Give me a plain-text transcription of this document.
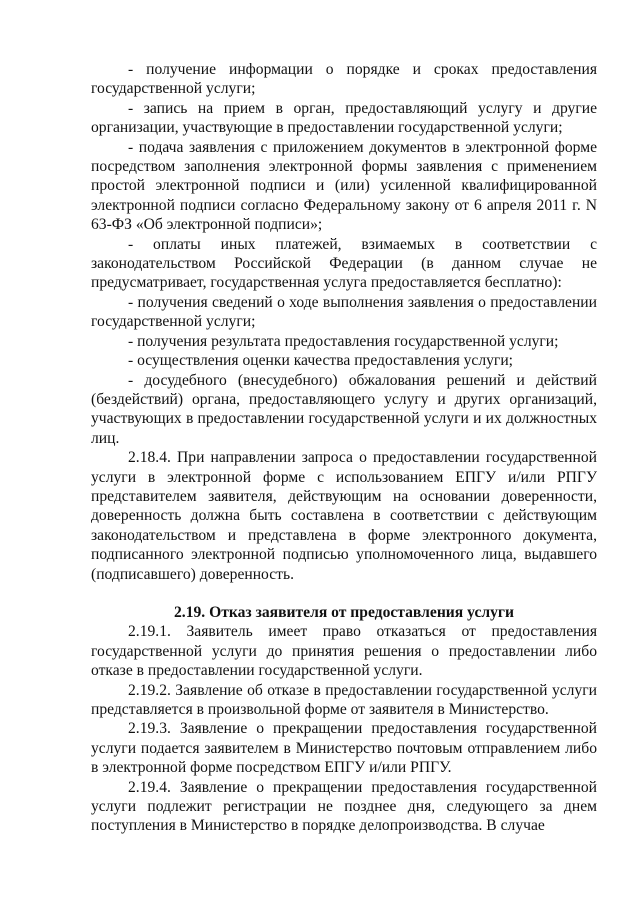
- получение информации о порядке и сроках предоставления государственной услуги;

- запись на прием в орган, предоставляющий услугу и другие организации, участвующие в предоставлении государственной услуги;

- подача заявления с приложением документов в электронной форме посредством заполнения электронной формы заявления с применением простой электронной подписи и (или) усиленной квалифицированной электронной подписи согласно Федеральному закону от 6 апреля 2011 г. N 63-ФЗ «Об электронной подписи»;

- оплаты иных платежей, взимаемых в соответствии с законодательством Российской Федерации (в данном случае не предусматривает, государственная услуга предоставляется бесплатно):

- получения сведений о ходе выполнения заявления о предоставлении государственной услуги;

- получения результата предоставления государственной услуги;

- осуществления оценки качества предоставления услуги;

- досудебного (внесудебного) обжалования решений и действий (бездействий) органа, предоставляющего услугу и других организаций, участвующих в предоставлении государственной услуги и их должностных лиц.

2.18.4. При направлении запроса о предоставлении государственной услуги в электронной форме с использованием ЕПГУ и/или РПГУ представителем заявителя, действующим на основании доверенности, доверенность должна быть составлена в соответствии с действующим законодательством и представлена в форме электронного документа, подписанного электронной подписью уполномоченного лица, выдавшего (подписавшего) доверенность.

2.19. Отказ заявителя от предоставления услуги

2.19.1. Заявитель имеет право отказаться от предоставления государственной услуги до принятия решения о предоставлении либо отказе в предоставлении государственной услуги.

2.19.2. Заявление об отказе в предоставлении государственной услуги представляется в произвольной форме от заявителя в Министерство.

2.19.3. Заявление о прекращении предоставления государственной услуги подается заявителем в Министерство почтовым отправлением либо в электронной форме посредством ЕПГУ и/или РПГУ.

2.19.4. Заявление о прекращении предоставления государственной услуги подлежит регистрации не позднее дня, следующего за днем поступления в Министерство в порядке делопроизводства. В случае
